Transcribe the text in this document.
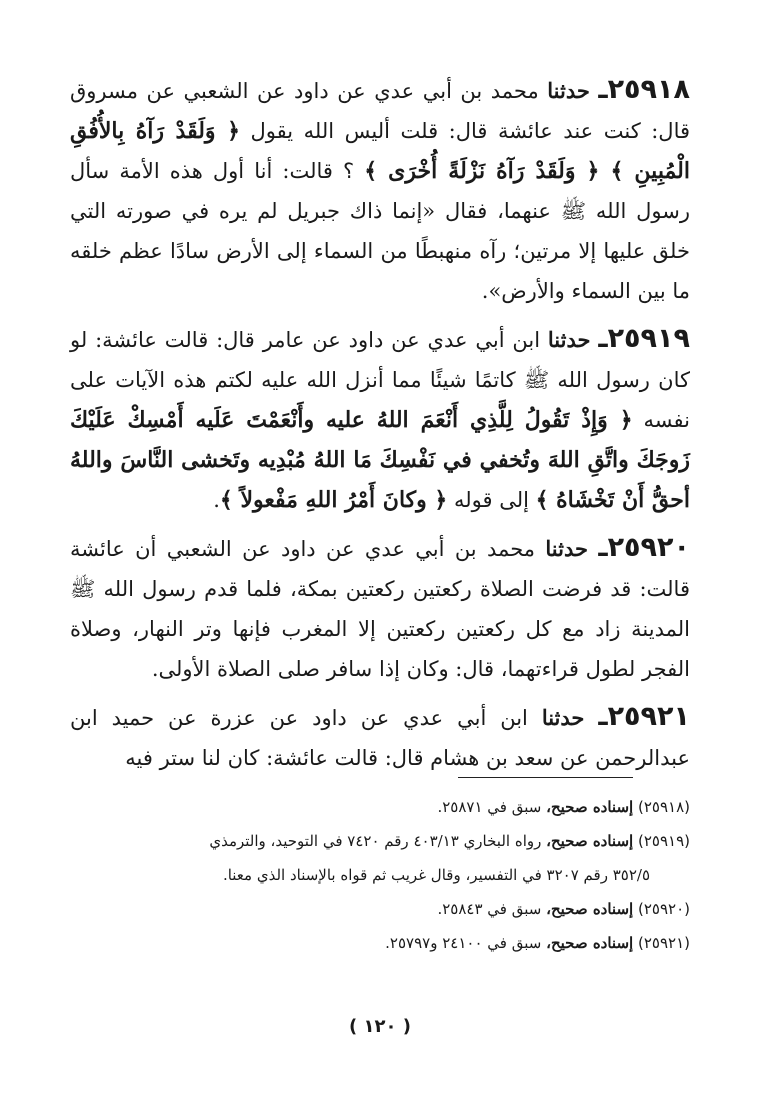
٢٥٩١٨ـ حدثنا محمد بن أبي عدي عن داود عن الشعبي عن مسروق قال: كنت عند عائشة قال: قلت أليس الله يقول ﴿ وَلَقَدْ رَآهُ بِالأُفُقِ الْمُبِينِ ﴾ ﴿ وَلَقَدْ رَآهُ نَزْلَةً أُخْرَى ﴾ ؟ قالت: أنا أول هذه الأمة سأل رسول الله ﷺ عنهما، فقال «إنما ذاك جبريل لم يره في صورته التي خلق عليها إلا مرتين؛ رآه منهبطًا من السماء إلى الأرض سادًا عظم خلقه ما بين السماء والأرض».

٢٥٩١٩ـ حدثنا ابن أبي عدي عن داود عن عامر قال: قالت عائشة: لو كان رسول الله ﷺ كاتمًا شيئًا مما أنزل الله عليه لكتم هذه الآيات على نفسه ﴿ وَإِذْ تَقُولُ لِلَّذِي أَنْعَمَ اللهُ عليه وأَنْعَمْتَ عَلَيه أَمْسِكْ عَلَيْكَ زَوجَكَ واتَّقِ اللهَ وتُخفي في نَفْسِكَ مَا اللهُ مُبْدِيه وتَخشى النَّاسَ واللهُ أحقُّ أَنْ تَخْشَاهُ ﴾ إلى قوله ﴿ وكانَ أَمْرُ اللهِ مَفْعولاً ﴾.

٢٥٩٢٠ـ حدثنا محمد بن أبي عدي عن داود عن الشعبي أن عائشة قالت: قد فرضت الصلاة ركعتين ركعتين بمكة، فلما قدم رسول الله ﷺ المدينة زاد مع كل ركعتين ركعتين إلا المغرب فإنها وتر النهار، وصلاة الفجر لطول قراءتهما، قال: وكان إذا سافر صلى الصلاة الأولى.

٢٥٩٢١ـ حدثنا ابن أبي عدي عن داود عن عزرة عن حميد ابن عبدالرحمن عن سعد بن هشام قال: قالت عائشة: كان لنا ستر فيه

(٢٥٩١٨) إسناده صحيح، سبق في ٢٥٨٧١.

(٢٥٩١٩) إسناده صحيح، رواه البخاري ٤٠٣/١٣ رقم ٧٤٢٠ في التوحيد، والترمذي

٣٥٢/٥ رقم ٣٢٠٧ في التفسير، وقال غريب ثم قواه بالإسناد الذي معنا.

(٢٥٩٢٠) إسناده صحيح، سبق في ٢٥٨٤٣.

(٢٥٩٢١) إسناده صحيح، سبق في ٢٤١٠٠ و٢٥٧٩٧.

( ١٢٠ )
